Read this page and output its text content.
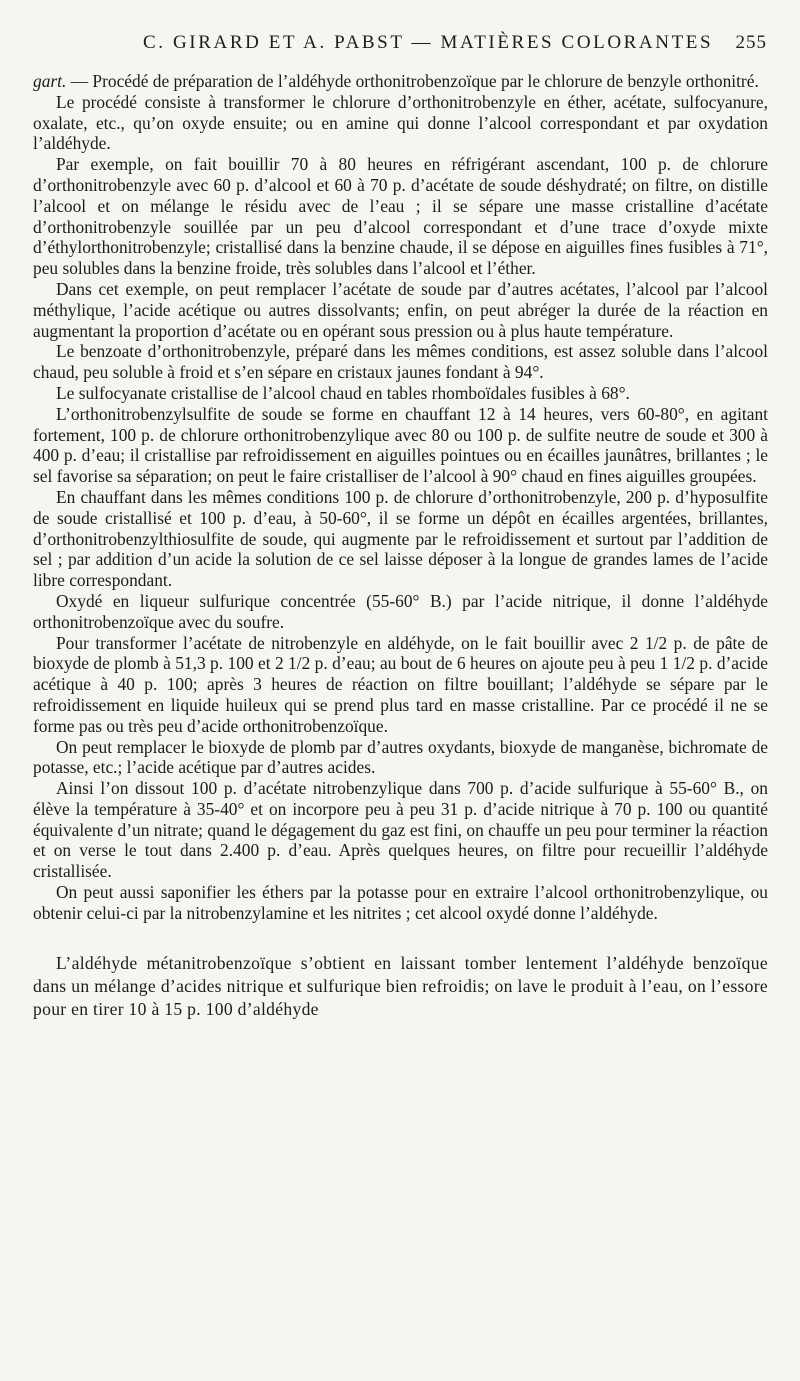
C. GIRARD ET A. PABST — MATIÈRES COLORANTES 255

gart. — Procédé de préparation de l’aldéhyde orthonitrobenzoïque par le chlorure de benzyle orthonitré.

Le procédé consiste à transformer le chlorure d’orthonitrobenzyle en éther, acétate, sulfocyanure, oxalate, etc., qu’on oxyde ensuite; ou en amine qui donne l’alcool correspondant et par oxydation l’aldéhyde.

Par exemple, on fait bouillir 70 à 80 heures en réfrigérant ascendant, 100 p. de chlorure d’orthonitrobenzyle avec 60 p. d’alcool et 60 à 70 p. d’acétate de soude déshydraté; on filtre, on distille l’alcool et on mélange le résidu avec de l’eau ; il se sépare une masse cristalline d’acétate d’orthonitrobenzyle souillée par un peu d’alcool correspondant et d’une trace d’oxyde mixte d’éthylorthonitrobenzyle; cristallisé dans la benzine chaude, il se dépose en aiguilles fines fusibles à 71°, peu solubles dans la benzine froide, très solubles dans l’alcool et l’éther.

Dans cet exemple, on peut remplacer l’acétate de soude par d’autres acétates, l’alcool par l’alcool méthylique, l’acide acétique ou autres dissolvants; enfin, on peut abréger la durée de la réaction en augmentant la proportion d’acétate ou en opérant sous pression ou à plus haute température.

Le benzoate d’orthonitrobenzyle, préparé dans les mêmes conditions, est assez soluble dans l’alcool chaud, peu soluble à froid et s’en sépare en cristaux jaunes fondant à 94°.

Le sulfocyanate cristallise de l’alcool chaud en tables rhomboïdales fusibles à 68°.

L’orthonitrobenzylsulfite de soude se forme en chauffant 12 à 14 heures, vers 60-80°, en agitant fortement, 100 p. de chlorure orthonitrobenzylique avec 80 ou 100 p. de sulfite neutre de soude et 300 à 400 p. d’eau; il cristallise par refroidissement en aiguilles pointues ou en écailles jaunâtres, brillantes ; le sel favorise sa séparation; on peut le faire cristalliser de l’alcool à 90° chaud en fines aiguilles groupées.

En chauffant dans les mêmes conditions 100 p. de chlorure d’orthonitrobenzyle, 200 p. d’hyposulfite de soude cristallisé et 100 p. d’eau, à 50-60°, il se forme un dépôt en écailles argentées, brillantes, d’orthonitrobenzylthiosulfite de soude, qui augmente par le refroidissement et surtout par l’addition de sel ; par addition d’un acide la solution de ce sel laisse déposer à la longue de grandes lames de l’acide libre correspondant.

Oxydé en liqueur sulfurique concentrée (55-60° B.) par l’acide nitrique, il donne l’aldéhyde orthonitrobenzoïque avec du soufre.

Pour transformer l’acétate de nitrobenzyle en aldéhyde, on le fait bouillir avec 2 1/2 p. de pâte de bioxyde de plomb à 51,3 p. 100 et 2 1/2 p. d’eau; au bout de 6 heures on ajoute peu à peu 1 1/2 p. d’acide acétique à 40 p. 100; après 3 heures de réaction on filtre bouillant; l’aldéhyde se sépare par le refroidissement en liquide huileux qui se prend plus tard en masse cristalline. Par ce procédé il ne se forme pas ou très peu d’acide orthonitrobenzoïque.

On peut remplacer le bioxyde de plomb par d’autres oxydants, bioxyde de manganèse, bichromate de potasse, etc.; l’acide acétique par d’autres acides.

Ainsi l’on dissout 100 p. d’acétate nitrobenzylique dans 700 p. d’acide sulfurique à 55-60° B., on élève la température à 35-40° et on incorpore peu à peu 31 p. d’acide nitrique à 70 p. 100 ou quantité équivalente d’un nitrate; quand le dégagement du gaz est fini, on chauffe un peu pour terminer la réaction et on verse le tout dans 2.400 p. d’eau. Après quelques heures, on filtre pour recueillir l’aldéhyde cristallisée.

On peut aussi saponifier les éthers par la potasse pour en extraire l’alcool orthonitrobenzylique, ou obtenir celui-ci par la nitrobenzylamine et les nitrites ; cet alcool oxydé donne l’aldéhyde.

L’aldéhyde métanitrobenzoïque s’obtient en laissant tomber lentement l’aldéhyde benzoïque dans un mélange d’acides nitrique et sulfurique bien refroidis; on lave le produit à l’eau, on l’essore pour en tirer 10 à 15 p. 100 d’aldéhyde
